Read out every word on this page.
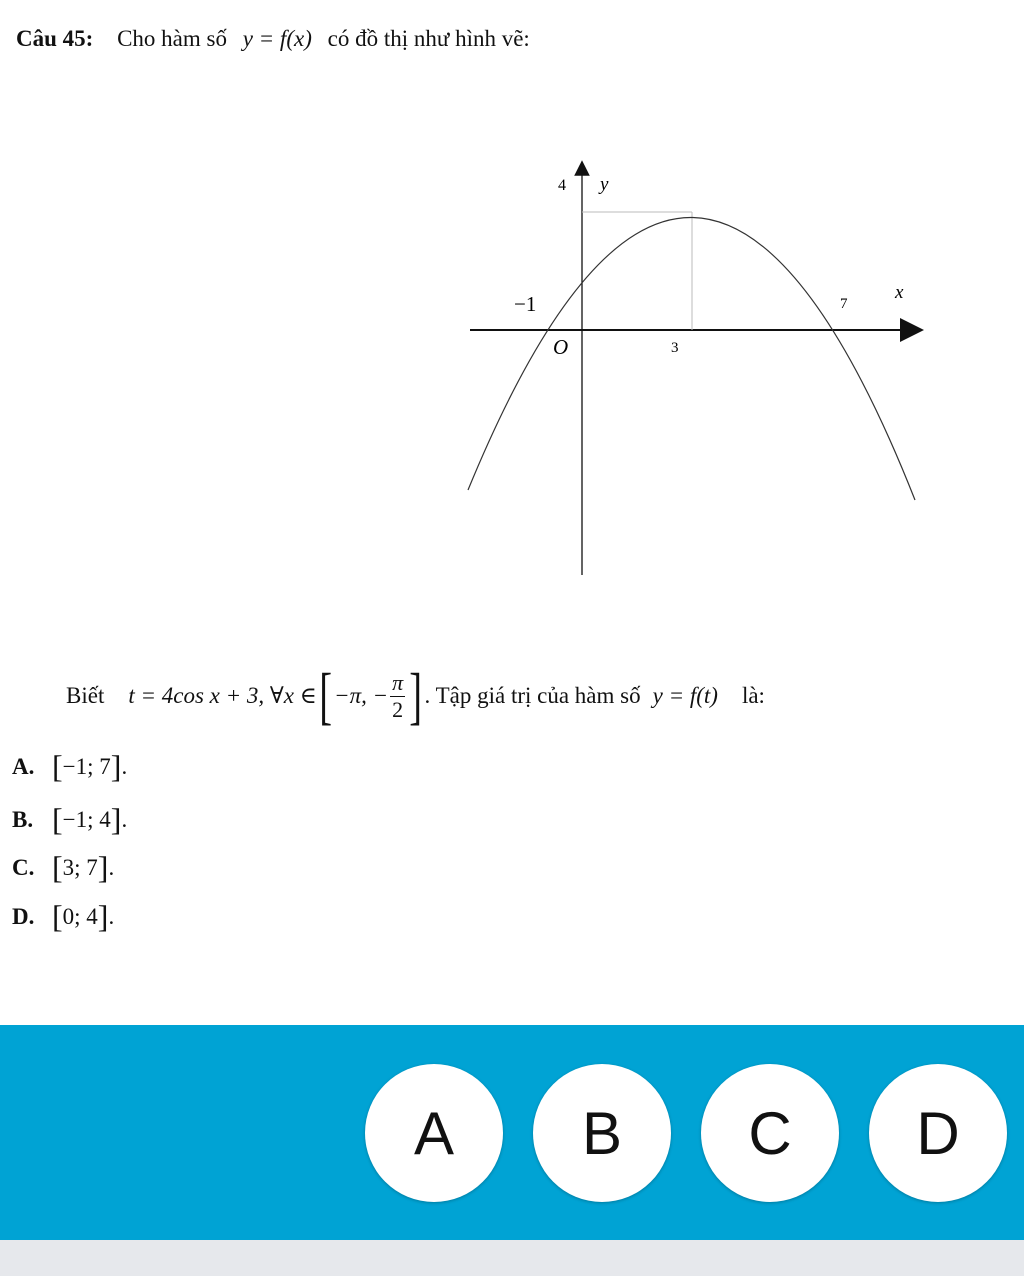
Câu 45: Cho hàm số y = f(x) có đồ thị như hình vẽ:
4 y
−1
O	3
7
x
Biết t = 4cos x + 3, ∀x ∈ [ −π, − $\frac{\pi}{2}$ ] . Tập giá trị của hàm số y = f(t) là:
A. [−1; 7].
B. [−1; 4].
C. [3; 7].
D. [0; 4].
A	B	C	D
